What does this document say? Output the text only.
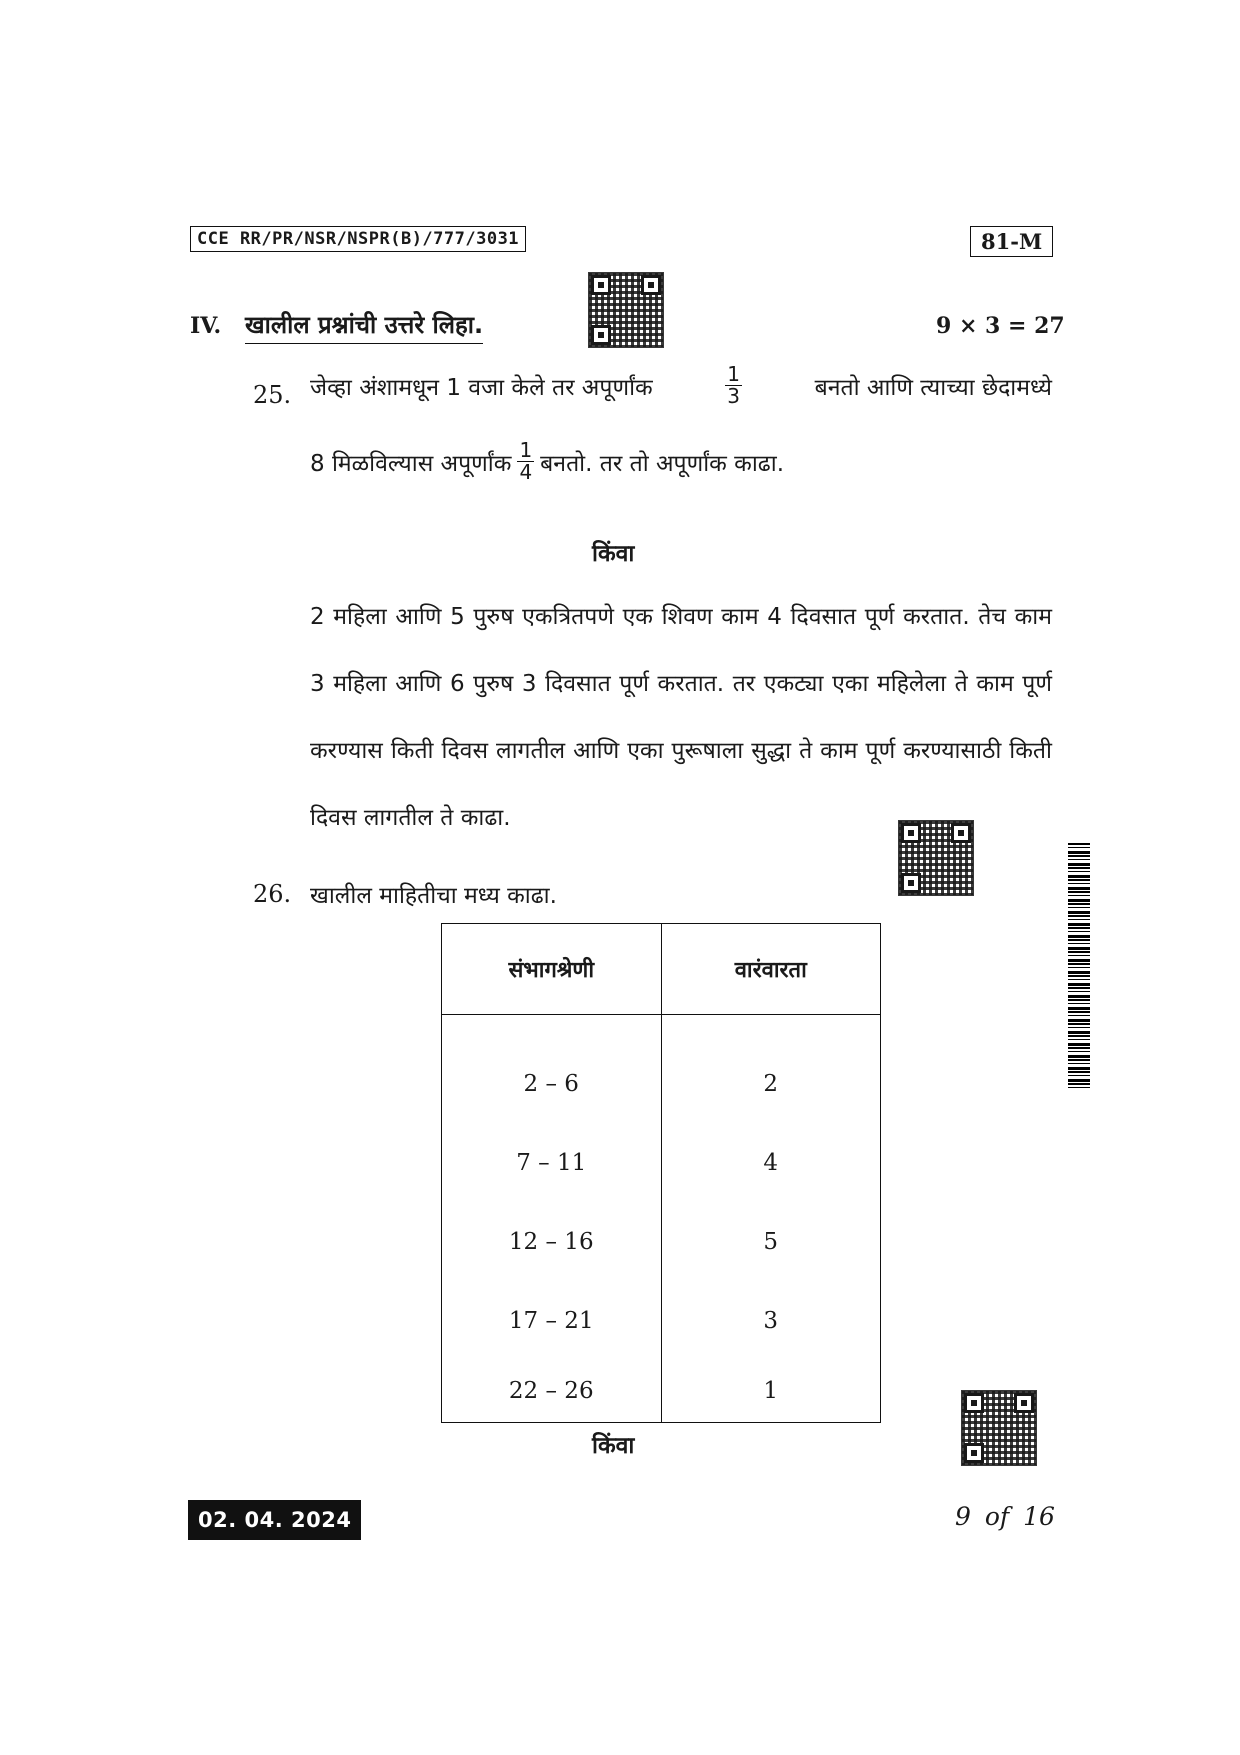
CCE RR/PR/NSR/NSPR(B)/777/3031	81-M
IV. खालील प्रश्नांची उत्तरे लिहा.	9 × 3 = 27
25. जेव्हा अंशामधून 1 वजा केले तर अपूर्णांक	$\frac{1}{3}$	बनतो आणि त्याच्या छेदामध्ये
8 मिळविल्यास अपूर्णांक $\frac{1}{4}$ बनतो. तर तो अपूर्णांक काढा.
किंवा
2 महिला आणि 5 पुरुष एकत्रितपणे एक शिवण काम 4 दिवसात पूर्ण करतात. तेच काम 3 महिला आणि 6 पुरुष 3 दिवसात पूर्ण करतात. तर एकट्या एका महिलेला ते काम पूर्ण करण्यास किती दिवस लागतील आणि एका पुरूषाला सुद्धा ते काम पूर्ण करण्यासाठी किती दिवस लागतील ते काढा.
26. खालील माहितीचा मध्य काढा.
संभागश्रेणी	वारंवारता
2 – 6	2
7 – 11	4
12 – 16	5
17 – 21	3
22 – 26	1
किंवा
02. 04. 2024	9 of 16
